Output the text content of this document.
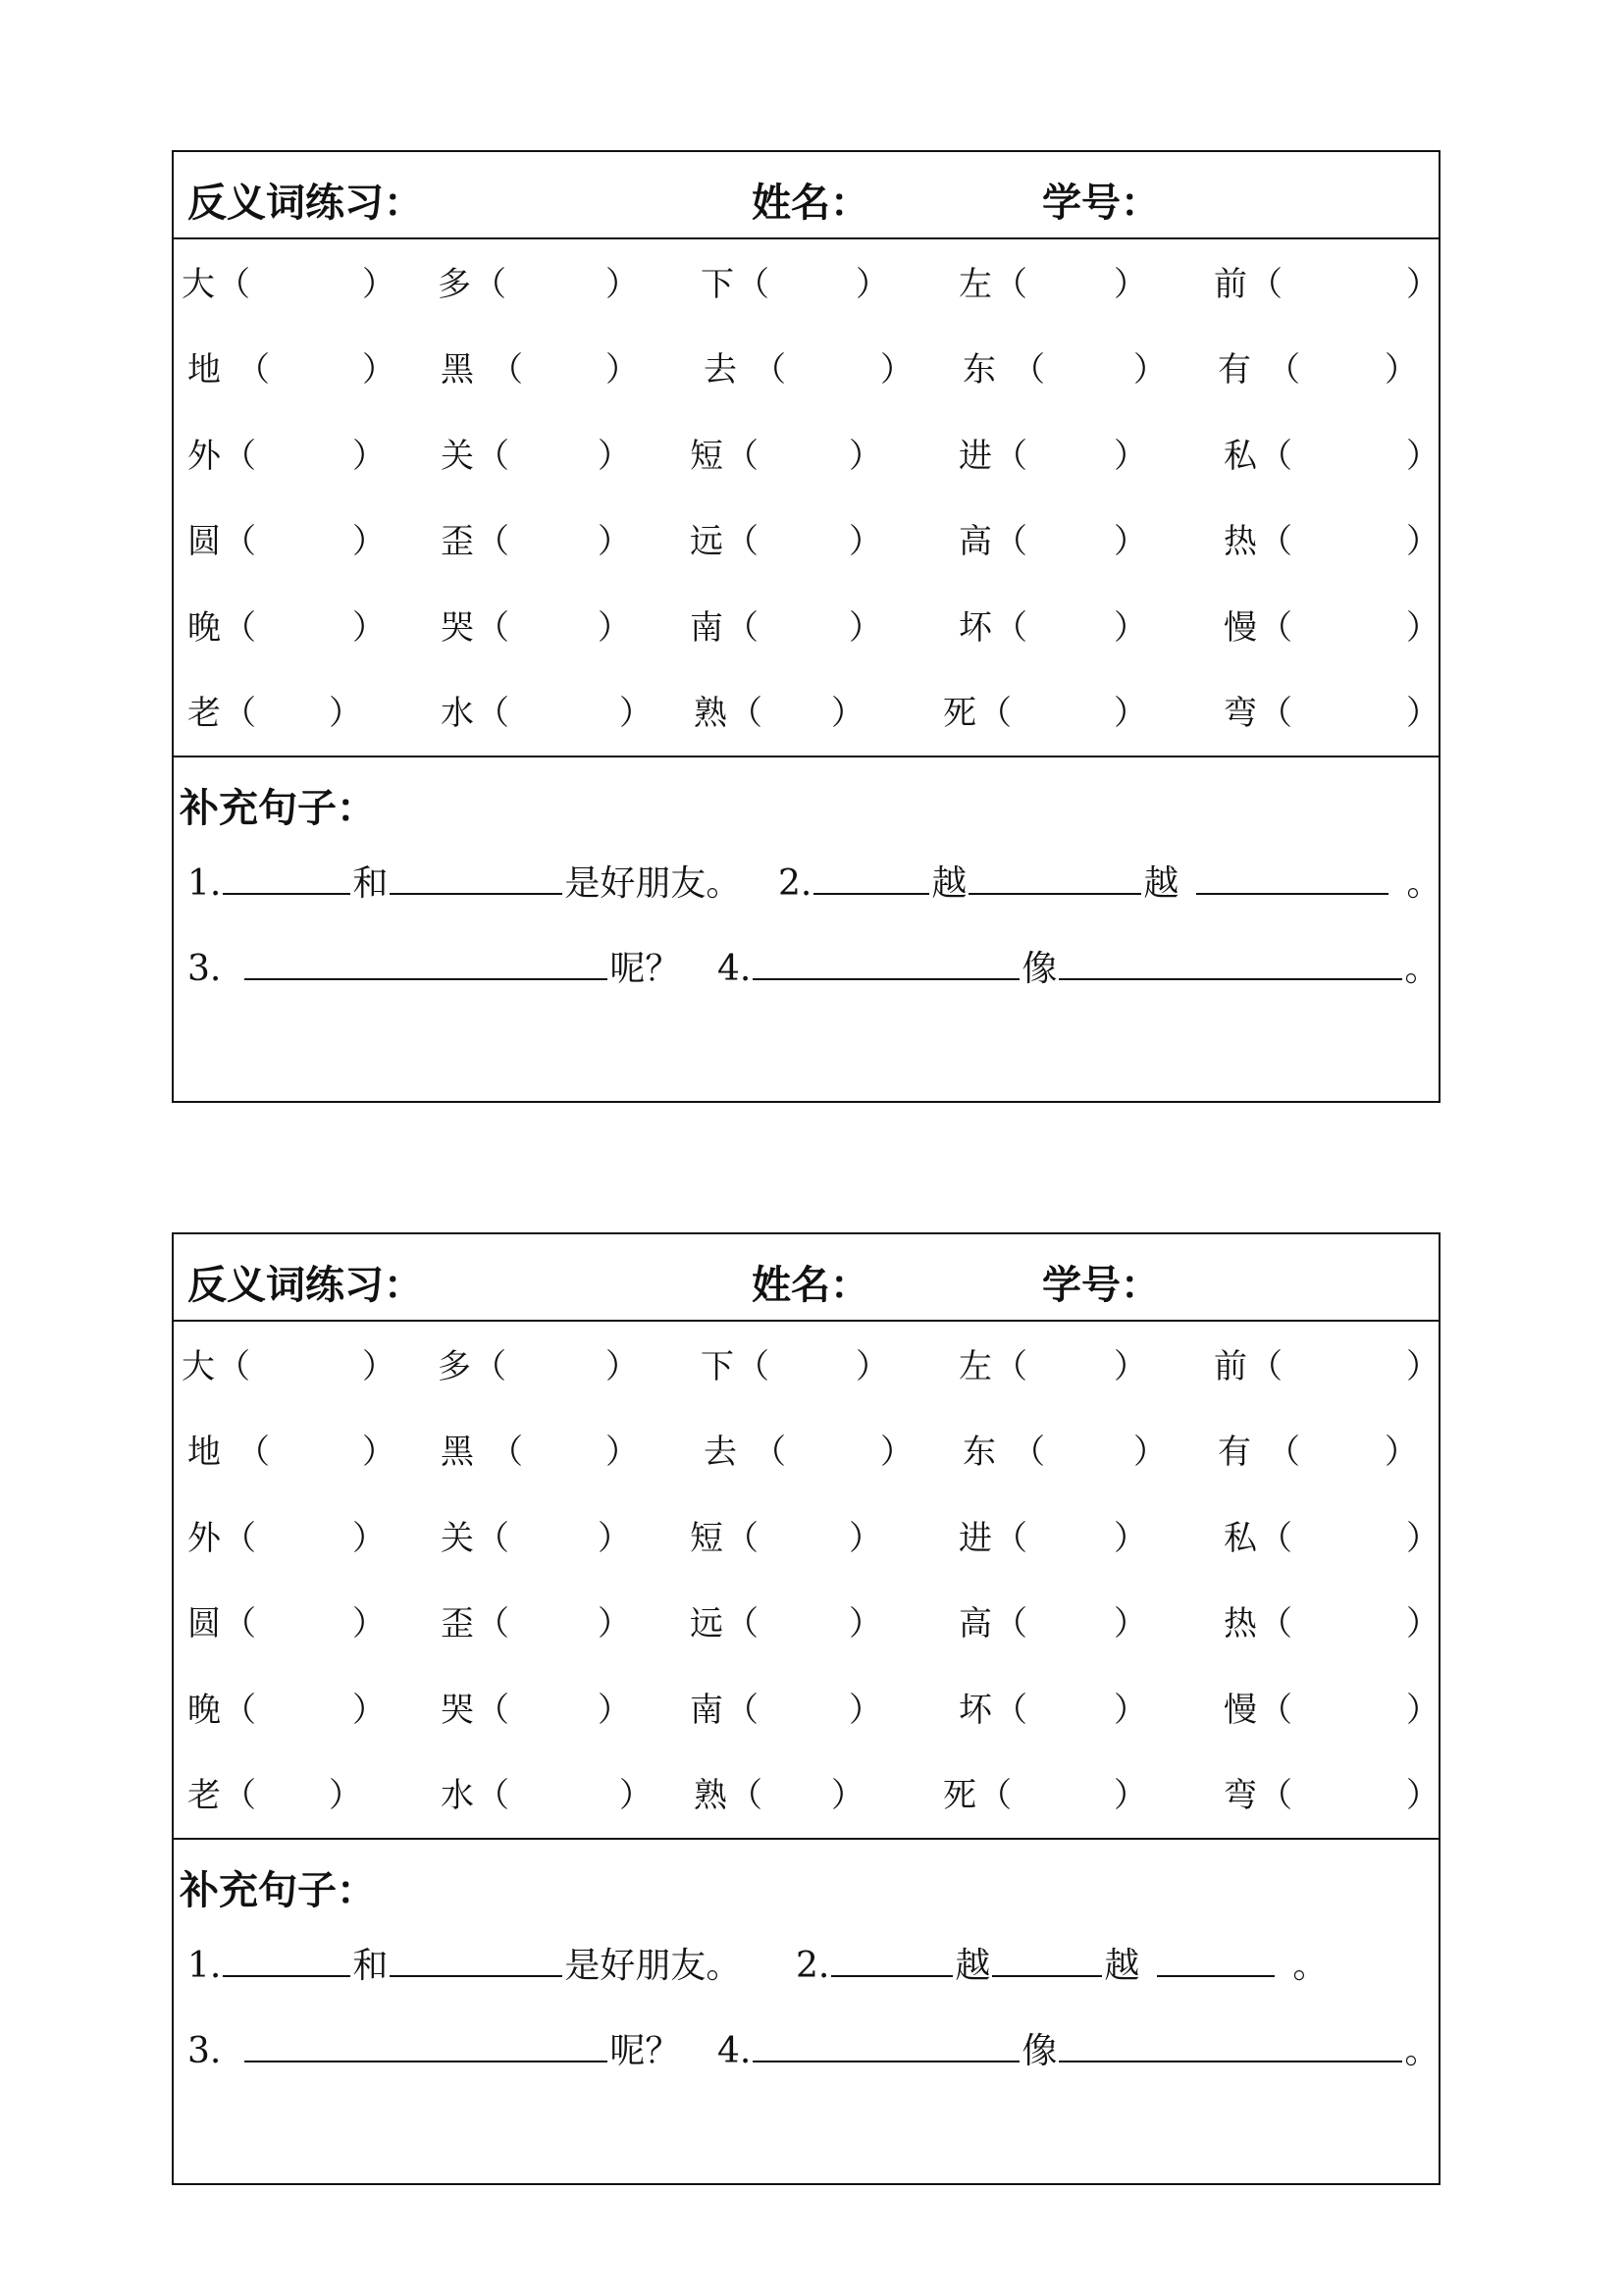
反义词练习：	姓名：	学号：
大 （	） 多 （	） 下 （	） 左 （	） 前 （	）
地 （	） 黑 （ ） 去 （	） 东 （	） 有 （	）
外 （	） 关 （	） 短 （	） 进 （	） 私 （	）
圆 （	） 歪 （	） 远 （	） 高 （	） 热 （	）
晚 （	） 哭 （	） 南 （	） 坏 （	） 慢 （	）
老 （ ） 水 （	） 熟 （ ） 死 （	） 弯 （	）
补充句子：
1.	和	是好朋友。 2.	越	越	。
3.	呢？ 4.	像	。
反义词练习：	姓名：	学号：
大 （	） 多 （	） 下 （	） 左 （	） 前 （	）
地 （	） 黑 （ ） 去 （	） 东 （	） 有 （	）
外 （	） 关 （	） 短 （	） 进 （	） 私 （	）
圆 （	） 歪 （	） 远 （	） 高 （	） 热 （	）
晚 （	） 哭 （	） 南 （	） 坏 （	） 慢 （	）
老 （ ） 水 （	） 熟 （ ） 死 （	） 弯 （	）
补充句子：
1.	和	是好朋友。 2.	越	越	。
3.	呢？ 4.	像	。
